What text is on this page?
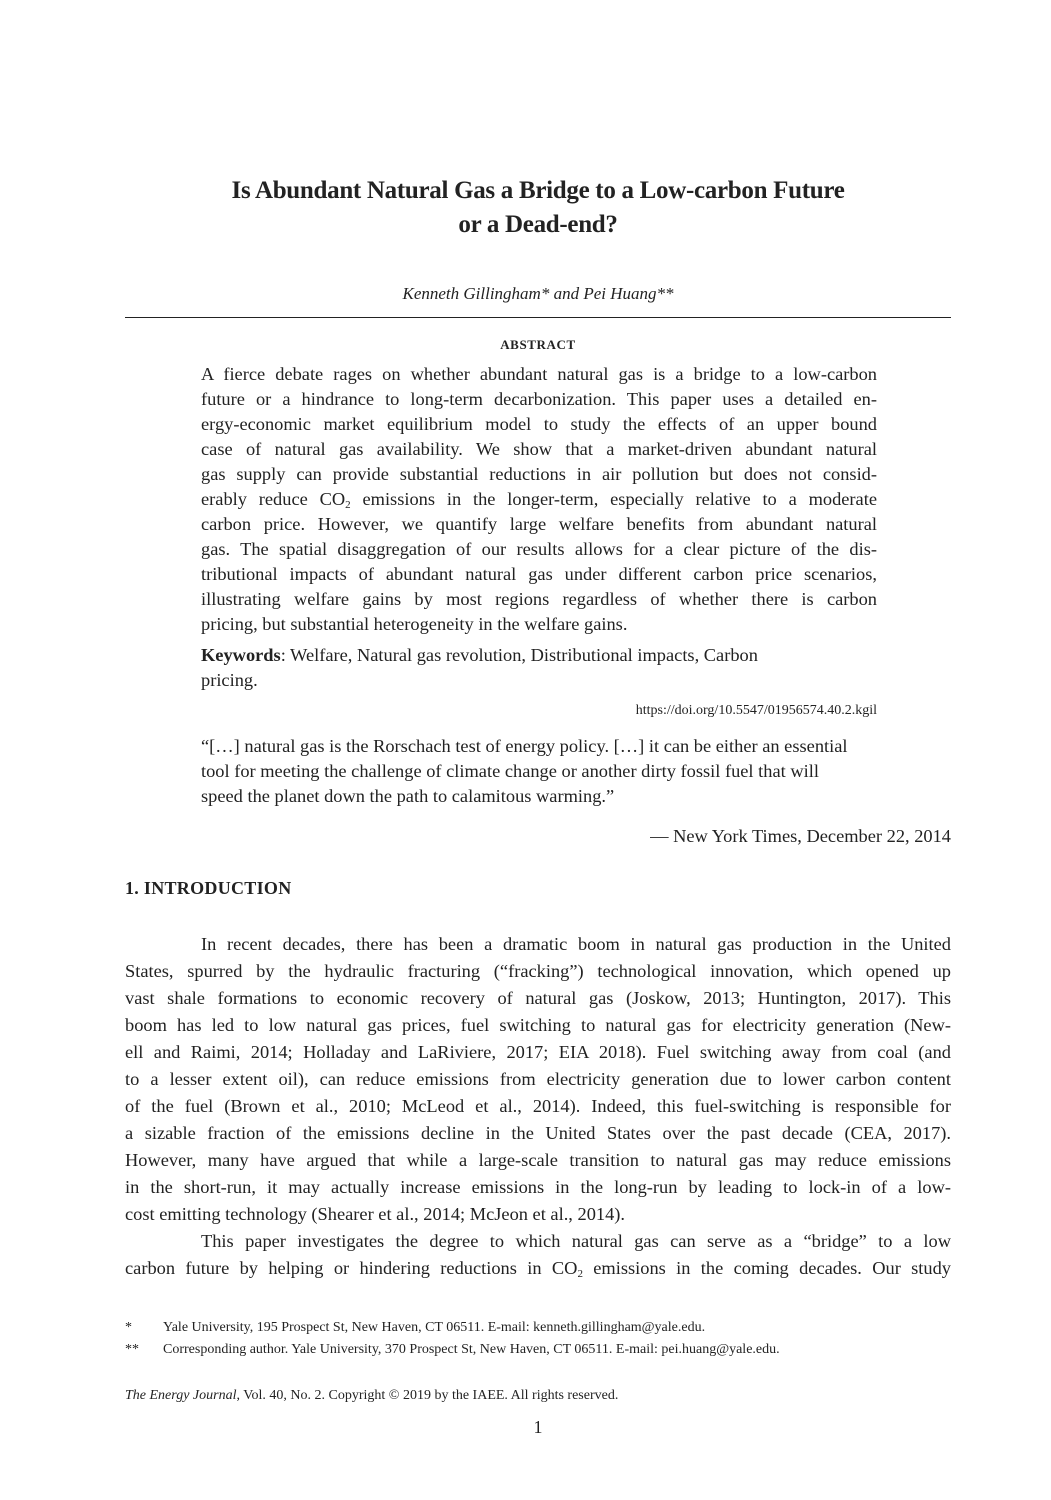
Is Abundant Natural Gas a Bridge to a Low-carbon Future
or a Dead-end?
Kenneth Gillingham* and Pei Huang**
ABSTRACT
A fierce debate rages on whether abundant natural gas is a bridge to a low-carbon
future or a hindrance to long-term decarbonization. This paper uses a detailed en-
ergy-economic market equilibrium model to study the effects of an upper bound
case of natural gas availability. We show that a market-driven abundant natural
gas supply can provide substantial reductions in air pollution but does not consid-
erably reduce $CO_2$ emissions in the longer-term, especially relative to a moderate
carbon price. However, we quantify large welfare benefits from abundant natural
gas. The spatial disaggregation of our results allows for a clear picture of the dis-
tributional impacts of abundant natural gas under different carbon price scenarios,
illustrating welfare gains by most regions regardless of whether there is carbon
pricing, but substantial heterogeneity in the welfare gains.
Keywords: Welfare, Natural gas revolution, Distributional impacts, Carbon
pricing.
https://doi.org/10.5547/01956574.40.2.kgil
“[…] natural gas is the Rorschach test of energy policy. […] it can be either an essential
tool for meeting the challenge of climate change or another dirty fossil fuel that will
speed the planet down the path to calamitous warming.”
— New York Times, December 22, 2014
1. INTRODUCTION
In recent decades, there has been a dramatic boom in natural gas production in the United
States, spurred by the hydraulic fracturing (“fracking”) technological innovation, which opened up
vast shale formations to economic recovery of natural gas (Joskow, 2013; Huntington, 2017). This
boom has led to low natural gas prices, fuel switching to natural gas for electricity generation (New-
ell and Raimi, 2014; Holladay and LaRiviere, 2017; EIA 2018). Fuel switching away from coal (and
to a lesser extent oil), can reduce emissions from electricity generation due to lower carbon content
of the fuel (Brown et al., 2010; McLeod et al., 2014). Indeed, this fuel-switching is responsible for
a sizable fraction of the emissions decline in the United States over the past decade (CEA, 2017).
However, many have argued that while a large-scale transition to natural gas may reduce emissions
in the short-run, it may actually increase emissions in the long-run by leading to lock-in of a low-
cost emitting technology (Shearer et al., 2014; McJeon et al., 2014).
This paper investigates the degree to which natural gas can serve as a “bridge” to a low
carbon future by helping or hindering reductions in $CO_2$ emissions in the coming decades. Our study
* Yale University, 195 Prospect St, New Haven, CT 06511. E-mail: kenneth.gillingham@yale.edu.
** Corresponding author. Yale University, 370 Prospect St, New Haven, CT 06511. E-mail: pei.huang@yale.edu.
The Energy Journal, Vol. 40, No. 2. Copyright © 2019 by the IAEE. All rights reserved.
1
